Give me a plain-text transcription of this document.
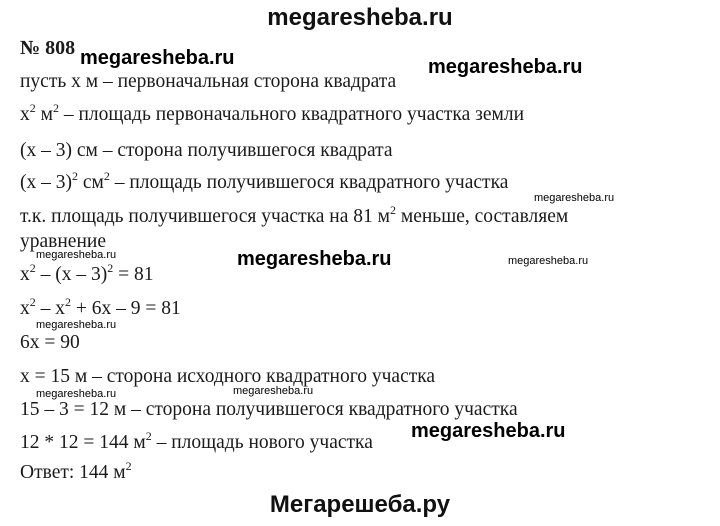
megaresheba.ru
№ 808
пусть х м – первоначальная сторона квадрата
$х^2$ $м^2$ – площадь первоначального квадратного участка земли
(х – 3) см – сторона получившегося квадрата
(х – 3)$^2$ $см^2$ – площадь получившегося квадратного участка
т.к. площадь получившегося участка на 81 $м^2$ меньше, составляем
уравнение
$х^2 - (х - 3)^2 = 81$
$х^2 - х^2 + 6х - 9 = 81$
6х = 90
х = 15 м – сторона исходного квадратного участка
15 – 3 = 12 м – сторона получившегося квадратного участка
12 * 12 = 144 $м^2$ – площадь нового участка
Ответ: 144 $м^2$
megaresheba.ru	megaresheba.ru
megaresheba.ru
megaresheba.ru
megaresheba.ru
megaresheba.ru	megaresheba.ru
megaresheba.ru
megaresheba.ru
megaresheba.ru
Мегарешеба.ру
